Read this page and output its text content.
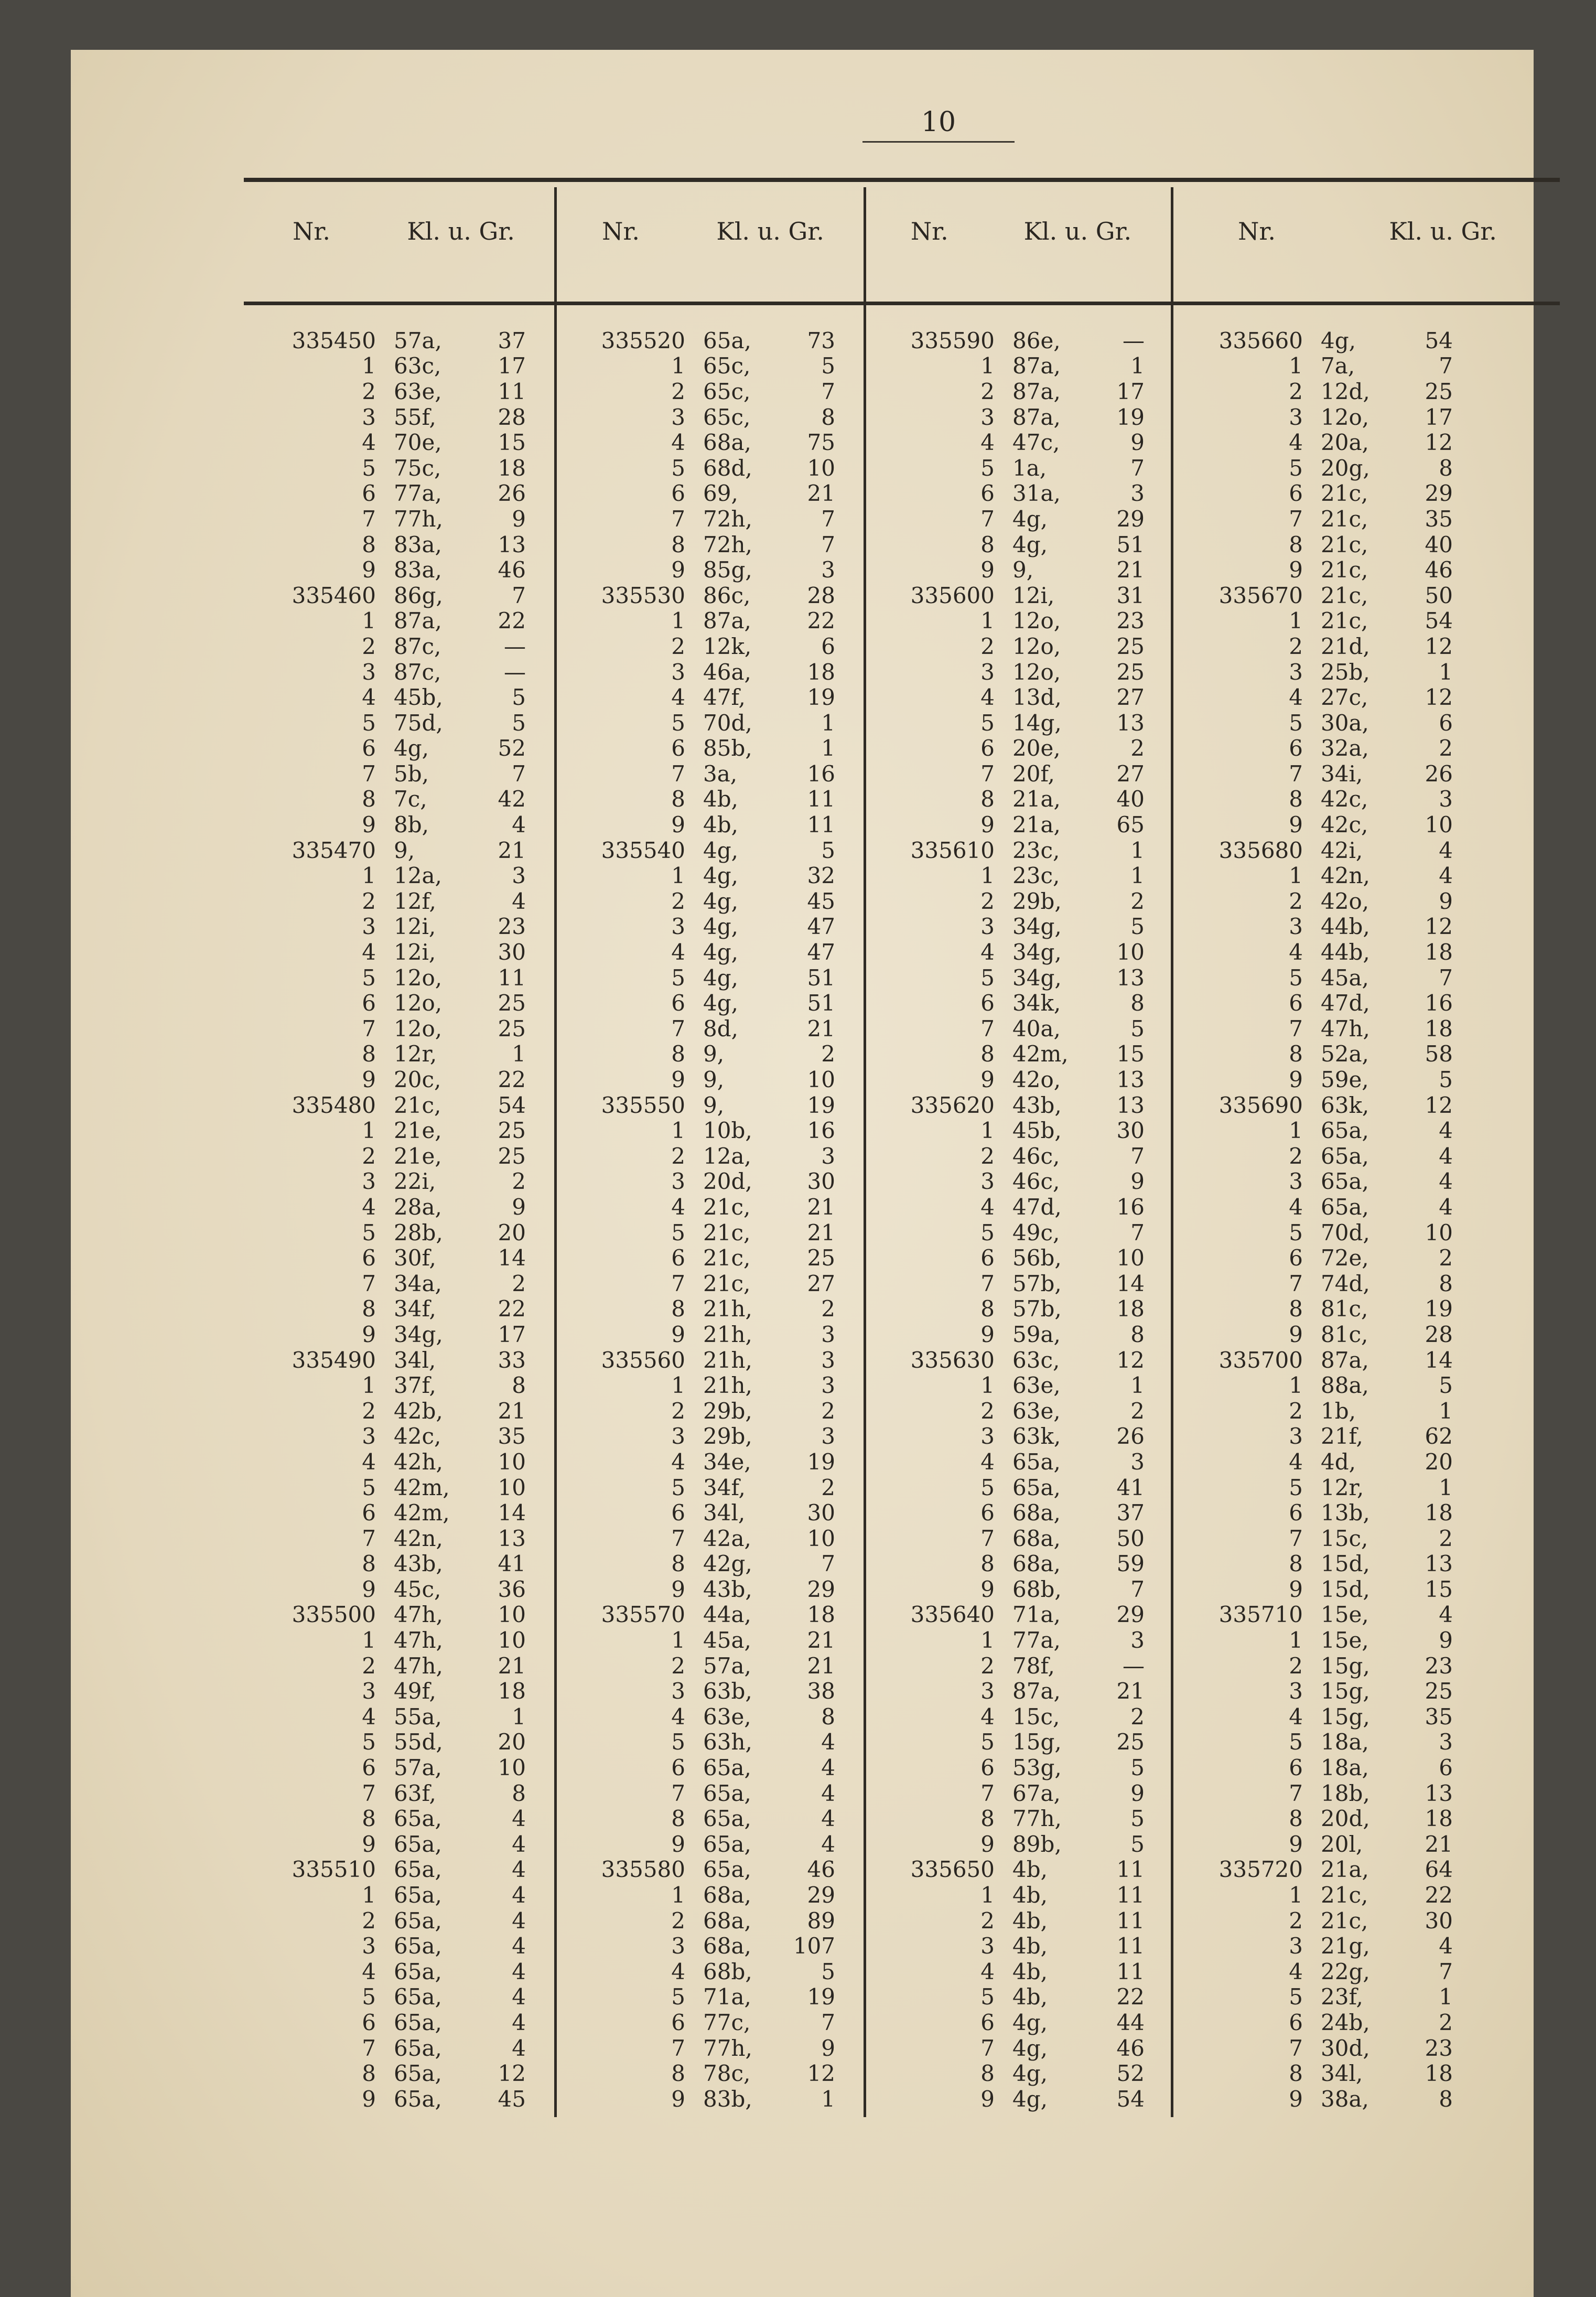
10
Nr.	Kl. u. Gr.	Nr.	Kl. u. Gr.	Nr.	Kl. u. Gr.	Nr.	Kl. u. Gr.
335450 57a,	37
1 63c,	17
2 63e,	11
3 55f,	28
4 70e,	15
5 75c,	18
6 77a,	26
7 77h,	9
8 83a,	13
9 83a,	46
335460 86g,	7
1 87a,	22
2 87c,	—
3 87c,	—
4 45b,	5
5 75d,	5
6 4g,	52
7 5b,	7
8 7c,	42
9 8b,	4
335470 9,	21
1 12a,	3
2 12f,	4
3 12i,	23
4 12i,	30
5 12o,	11
6 12o,	25
7 12o,	25
8 12r,	1
9 20c,	22
335480 21c,	54
1 21e,	25
2 21e,	25
3 22i,	2
4 28a,	9
5 28b,	20
6 30f,	14
7 34a,	2
8 34f,	22
9 34g,	17
335490 34l,	33
1 37f,	8
2 42b,	21
3 42c,	35
4 42h,	10
5 42m,	10
6 42m,	14
7 42n,	13
8 43b,	41
9 45c,	36
335500 47h,	10
1 47h,	10
2 47h,	21
3 49f,	18
4 55a,	1
5 55d,	20
6 57a,	10
7 63f,	8
8 65a,	4
9 65a,	4
335510 65a,	4
1 65a,	4
2 65a,	4
3 65a,	4
4 65a,	4
5 65a,	4
6 65a,	4
7 65a,	4
8 65a,	12
9 65a,	45
335520 65a,	73
1 65c,	5
2 65c,	7
3 65c,	8
4 68a,	75
5 68d,	10
6 69,	21
7 72h,	7
8 72h,	7
9 85g,	3
335530 86c,	28
1 87a,	22
2 12k,	6
3 46a,	18
4 47f,	19
5 70d,	1
6 85b,	1
7 3a,	16
8 4b,	11
9 4b,	11
335540 4g,	5
1 4g,	32
2 4g,	45
3 4g,	47
4 4g,	47
5 4g,	51
6 4g,	51
7 8d,	21
8 9,	2
9 9,	10
335550 9,	19
1 10b,	16
2 12a,	3
3 20d,	30
4 21c,	21
5 21c,	21
6 21c,	25
7 21c,	27
8 21h,	2
9 21h,	3
335560 21h,	3
1 21h,	3
2 29b,	2
3 29b,	3
4 34e,	19
5 34f,	2
6 34l,	30
7 42a,	10
8 42g,	7
9 43b,	29
335570 44a,	18
1 45a,	21
2 57a,	21
3 63b,	38
4 63e,	8
5 63h,	4
6 65a,	4
7 65a,	4
8 65a,	4
9 65a,	4
335580 65a,	46
1 68a,	29
2 68a,	89
3 68a,	107
4 68b,	5
5 71a,	19
6 77c,	7
7 77h,	9
8 78c,	12
9 83b,	1
335590 86e,	—
1 87a,	1
2 87a,	17
3 87a,	19
4 47c,	9
5 1a,	7
6 31a,	3
7 4g,	29
8 4g,	51
9 9,	21
335600 12i,	31
1 12o,	23
2 12o,	25
3 12o,	25
4 13d,	27
5 14g,	13
6 20e,	2
7 20f,	27
8 21a,	40
9 21a,	65
335610 23c,	1
1 23c,	1
2 29b,	2
3 34g,	5
4 34g,	10
5 34g,	13
6 34k,	8
7 40a,	5
8 42m,	15
9 42o,	13
335620 43b,	13
1 45b,	30
2 46c,	7
3 46c,	9
4 47d,	16
5 49c,	7
6 56b,	10
7 57b,	14
8 57b,	18
9 59a,	8
335630 63c,	12
1 63e,	1
2 63e,	2
3 63k,	26
4 65a,	3
5 65a,	41
6 68a,	37
7 68a,	50
8 68a,	59
9 68b,	7
335640 71a,	29
1 77a,	3
2 78f,	—
3 87a,	21
4 15c,	2
5 15g,	25
6 53g,	5
7 67a,	9
8 77h,	5
9 89b,	5
335650 4b,	11
1 4b,	11
2 4b,	11
3 4b,	11
4 4b,	11
5 4b,	22
6 4g,	44
7 4g,	46
8 4g,	52
9 4g,	54
335660 4g,	54
1 7a,	7
2 12d,	25
3 12o,	17
4 20a,	12
5 20g,	8
6 21c,	29
7 21c,	35
8 21c,	40
9 21c,	46
335670 21c,	50
1 21c,	54
2 21d,	12
3 25b,	1
4 27c,	12
5 30a,	6
6 32a,	2
7 34i,	26
8 42c,	3
9 42c,	10
335680 42i,	4
1 42n,	4
2 42o,	9
3 44b,	12
4 44b,	18
5 45a,	7
6 47d,	16
7 47h,	18
8 52a,	58
9 59e,	5
335690 63k,	12
1 65a,	4
2 65a,	4
3 65a,	4
4 65a,	4
5 70d,	10
6 72e,	2
7 74d,	8
8 81c,	19
9 81c,	28
335700 87a,	14
1 88a,	5
2 1b,	1
3 21f,	62
4 4d,	20
5 12r,	1
6 13b,	18
7 15c,	2
8 15d,	13
9 15d,	15
335710 15e,	4
1 15e,	9
2 15g,	23
3 15g,	25
4 15g,	35
5 18a,	3
6 18a,	6
7 18b,	13
8 20d,	18
9 20l,	21
335720 21a,	64
1 21c,	22
2 21c,	30
3 21g,	4
4 22g,	7
5 23f,	1
6 24b,	2
7 30d,	23
8 34l,	18
9 38a,	8
